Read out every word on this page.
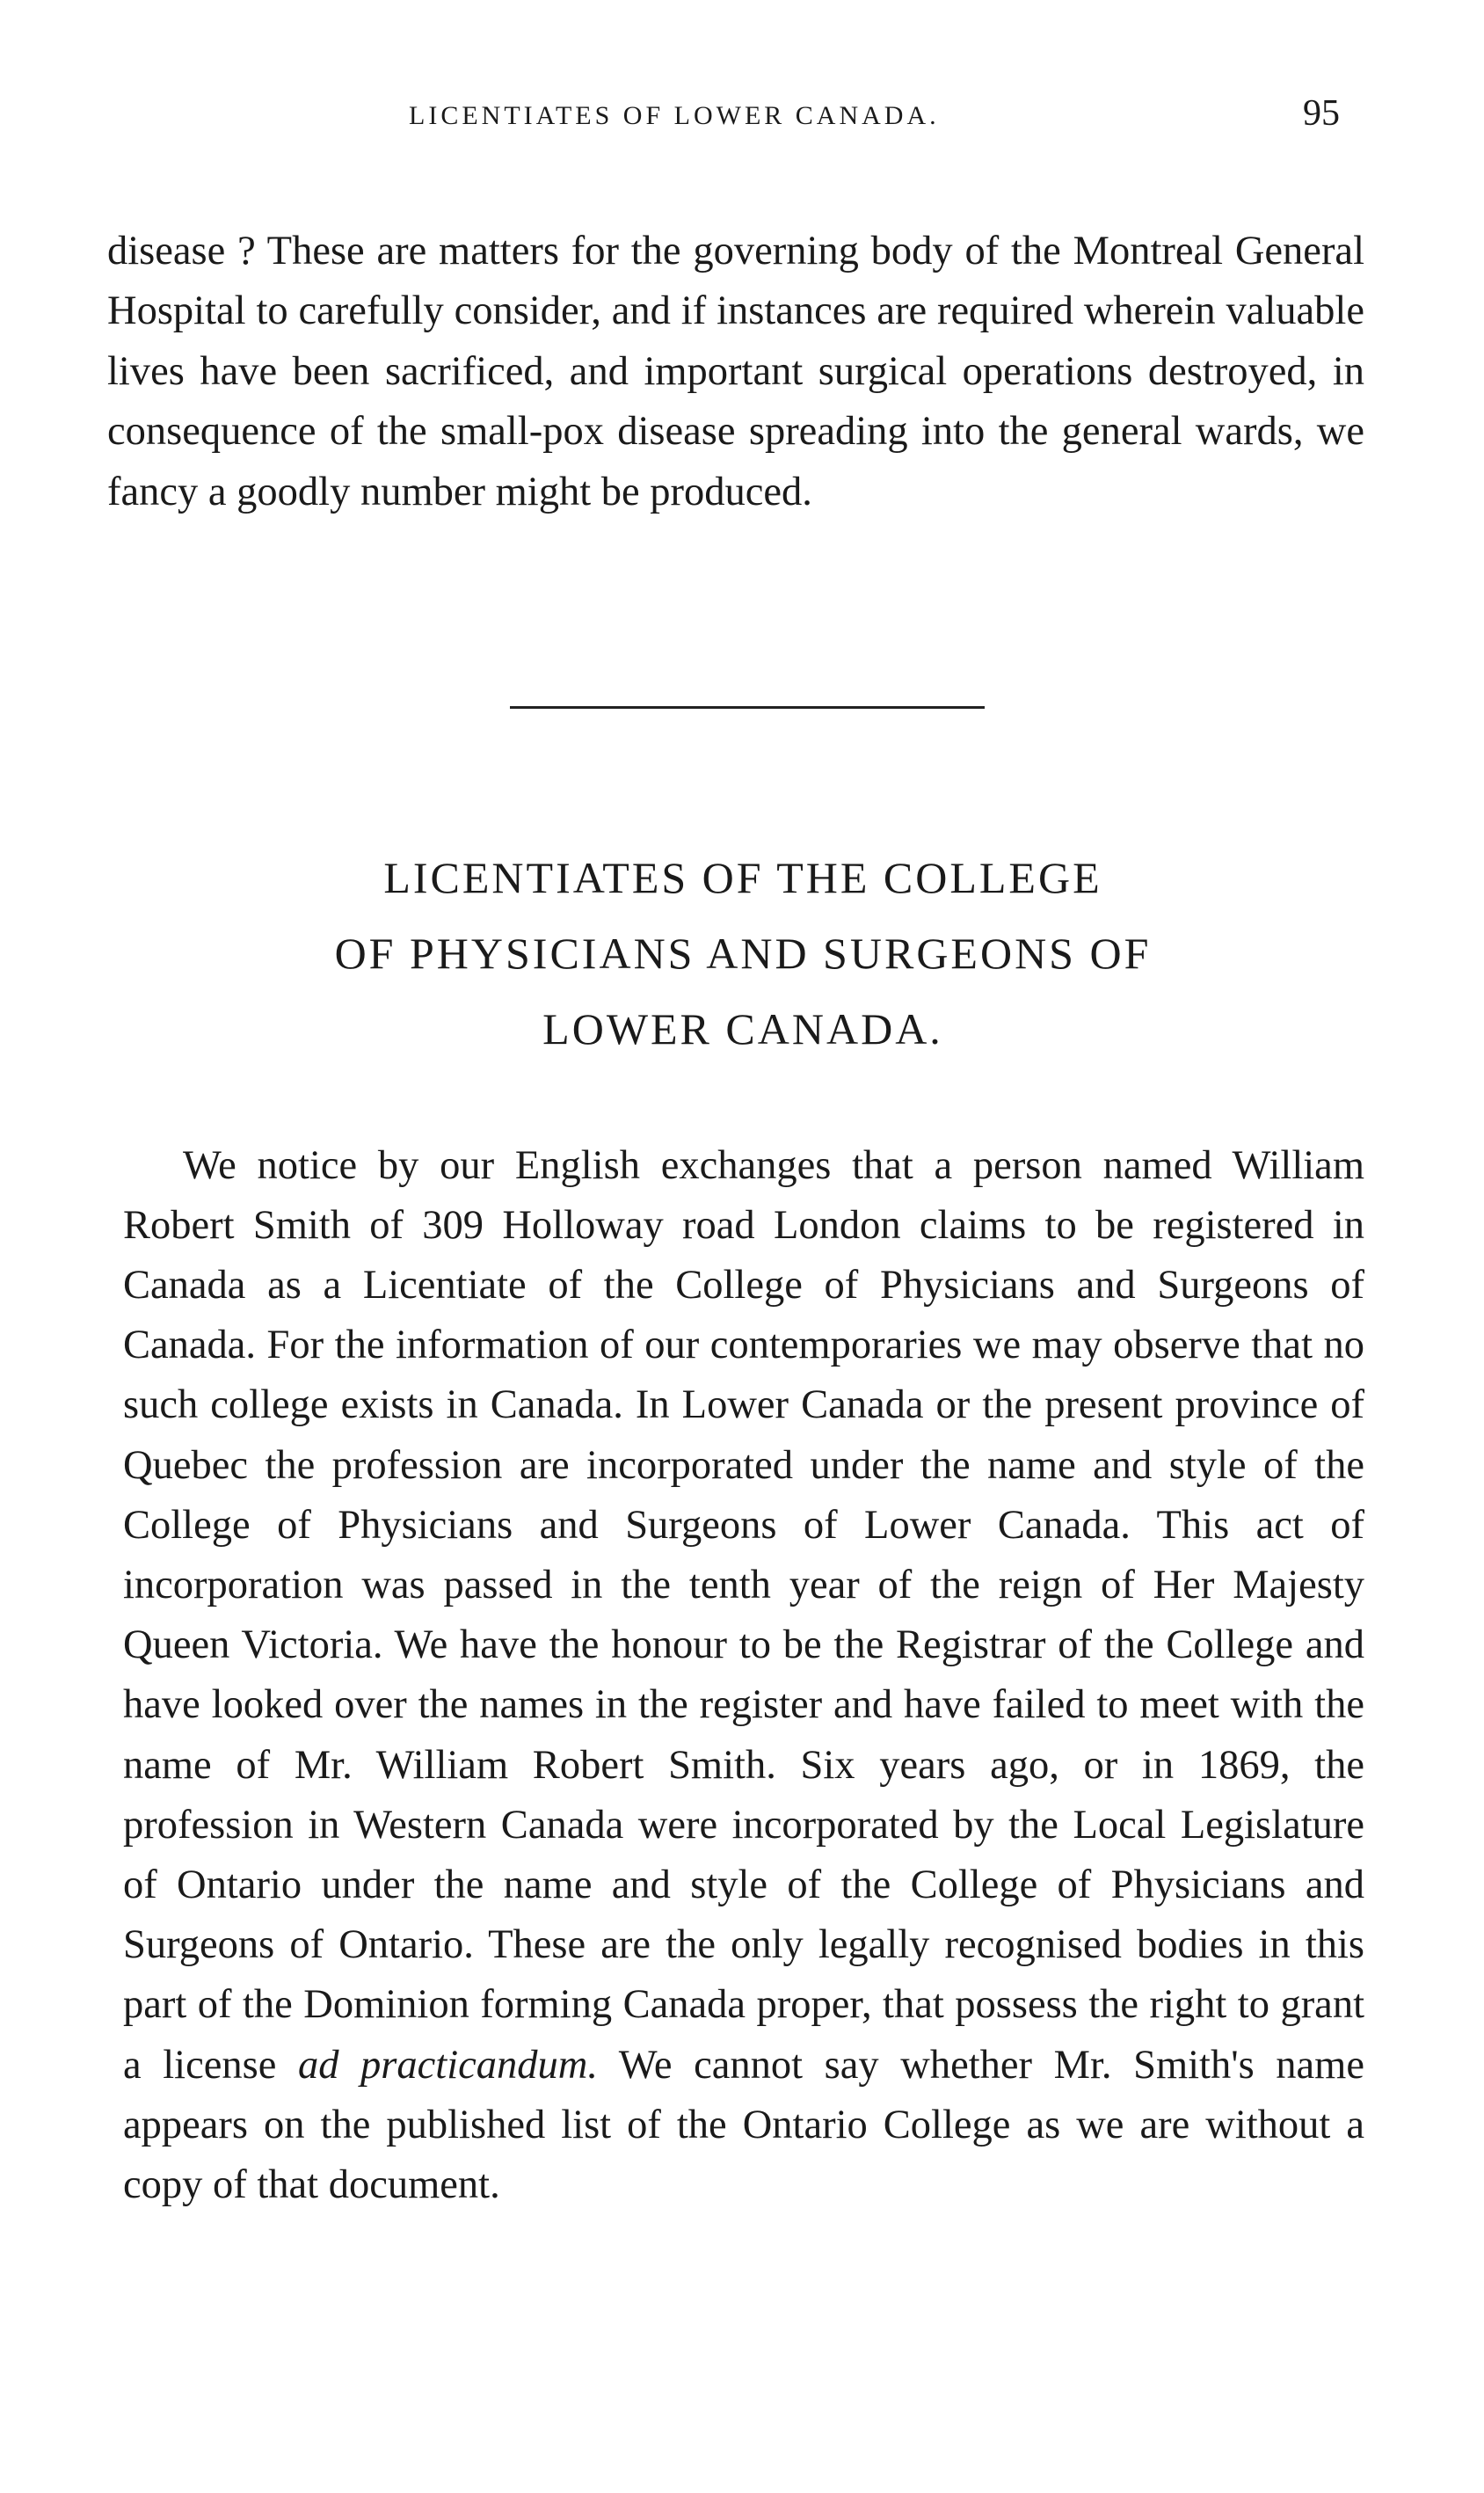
LICENTIATES OF LOWER CANADA.	95

disease ? These are matters for the governing body of the Montreal General Hospital to carefully consider, and if instances are required wherein valuable lives have been sacrificed, and important surgical operations destroyed, in consequence of the small-pox disease spreading into the general wards, we fancy a goodly number might be produced.

LICENTIATES OF THE COLLEGE
OF PHYSICIANS AND SURGEONS OF
LOWER CANADA.

We notice by our English exchanges that a person named William Robert Smith of 309 Holloway road London claims to be registered in Canada as a Licentiate of the College of Physicians and Surgeons of Canada. For the information of our contemporaries we may observe that no such college exists in Canada. In Lower Canada or the present province of Quebec the profession are incorporated under the name and style of the College of Physicians and Surgeons of Lower Canada. This act of incorporation was passed in the tenth year of the reign of Her Majesty Queen Victoria. We have the honour to be the Registrar of the College and have looked over the names in the register and have failed to meet with the name of Mr. William Robert Smith. Six years ago, or in 1869, the profession in Western Canada were incorporated by the Local Legislature of Ontario under the name and style of the College of Physicians and Surgeons of Ontario. These are the only legally recognised bodies in this part of the Dominion forming Canada proper, that possess the right to grant a license ad practicandum. We cannot say whether Mr. Smith's name appears on the published list of the Ontario College as we are without a copy of that document.
